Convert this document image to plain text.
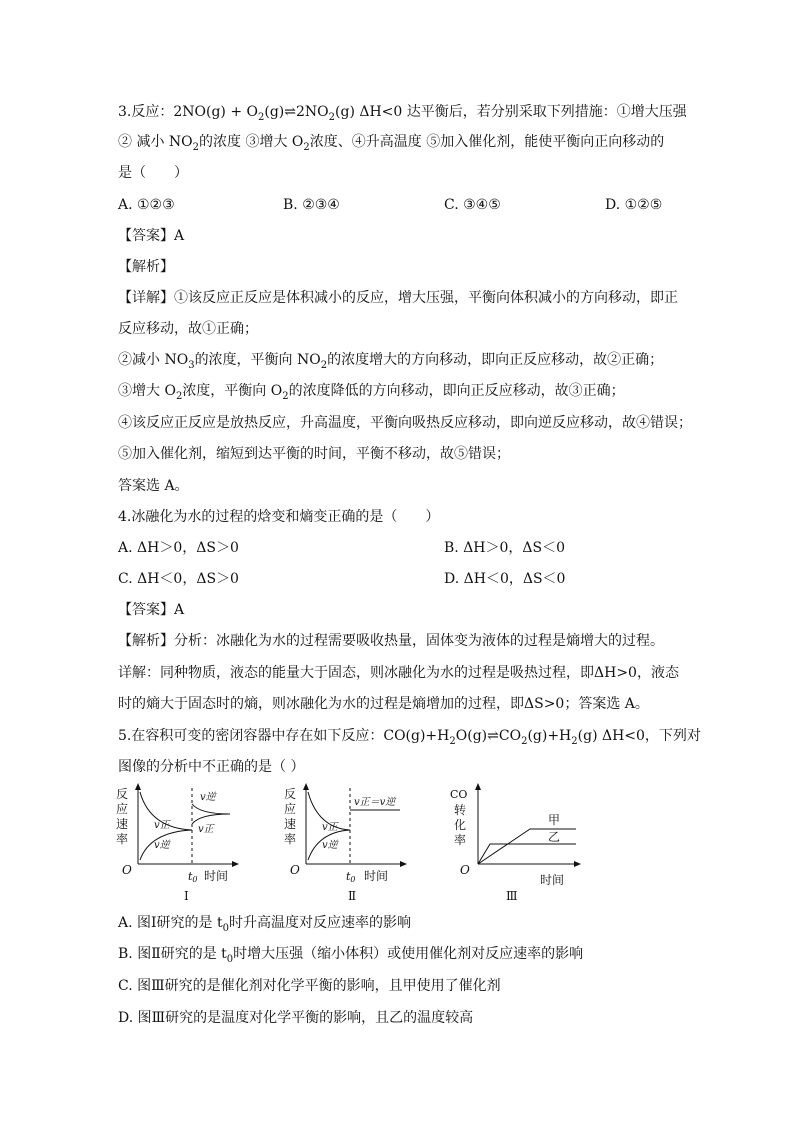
3.反应：$2NO(g) + O_2(g)\rightleftharpoons 2NO_2(g)$ ΔH<0 达平衡后，若分别采取下列措施：①增大压强
② 减小 $NO_2$的浓度 ③增大 $O_2$浓度、④升高温度 ⑤加入催化剂，能使平衡向正向移动的
是（　　）
A. ①②③	B. ②③④	C. ③④⑤	D. ①②⑤
【答案】A
【解析】
【详解】①该反应正反应是体积减小的反应，增大压强，平衡向体积减小的方向移动，即正
反应移动，故①正确；
②减小 $NO_3$的浓度，平衡向 $NO_2$的浓度增大的方向移动，即向正反应移动，故②正确；
③增大 $O_2$浓度，平衡向 $O_2$的浓度降低的方向移动，即向正反应移动，故③正确；
④该反应正反应是放热反应，升高温度，平衡向吸热反应移动，即向逆反应移动，故④错误；
⑤加入催化剂，缩短到达平衡的时间，平衡不移动，故⑤错误；
答案选 A。
4.冰融化为水的过程的焓变和熵变正确的是（　　）
A. ΔH＞0，ΔS＞0	B. ΔH＞0，ΔS＜0
C. ΔH＜0，ΔS＞0	D. ΔH＜0，ΔS＜0
【答案】A
【解析】分析：冰融化为水的过程需要吸收热量，固体变为液体的过程是熵增大的过程。
详解：同种物质，液态的能量大于固态，则冰融化为水的过程是吸热过程，即ΔH>0，液态
时的熵大于固态时的熵，则冰融化为水的过程是熵增加的过程，即ΔS>0；答案选 A。
5.在容积可变的密闭容器中存在如下反应：$CO(g)+H_2O(g)\rightleftharpoons CO_2(g)+H_2(g)$ ΔH<0，下列对
图像的分析中不正确的是（ ）
反
应
速
率
O
v逆
v正
v正
v逆
t0 时间
Ⅰ
反
应
速
率
O
v正＝v逆
v正
v逆
t0 时间
Ⅱ
CO
转
化
率
O
甲
乙
时间
Ⅲ
A. 图Ⅰ研究的是 $t_0$时升高温度对反应速率的影响
B. 图Ⅱ研究的是 $t_0$时增大压强（缩小体积）或使用催化剂对反应速率的影响
C. 图Ⅲ研究的是催化剂对化学平衡的影响，且甲使用了催化剂
D. 图Ⅲ研究的是温度对化学平衡的影响，且乙的温度较高
